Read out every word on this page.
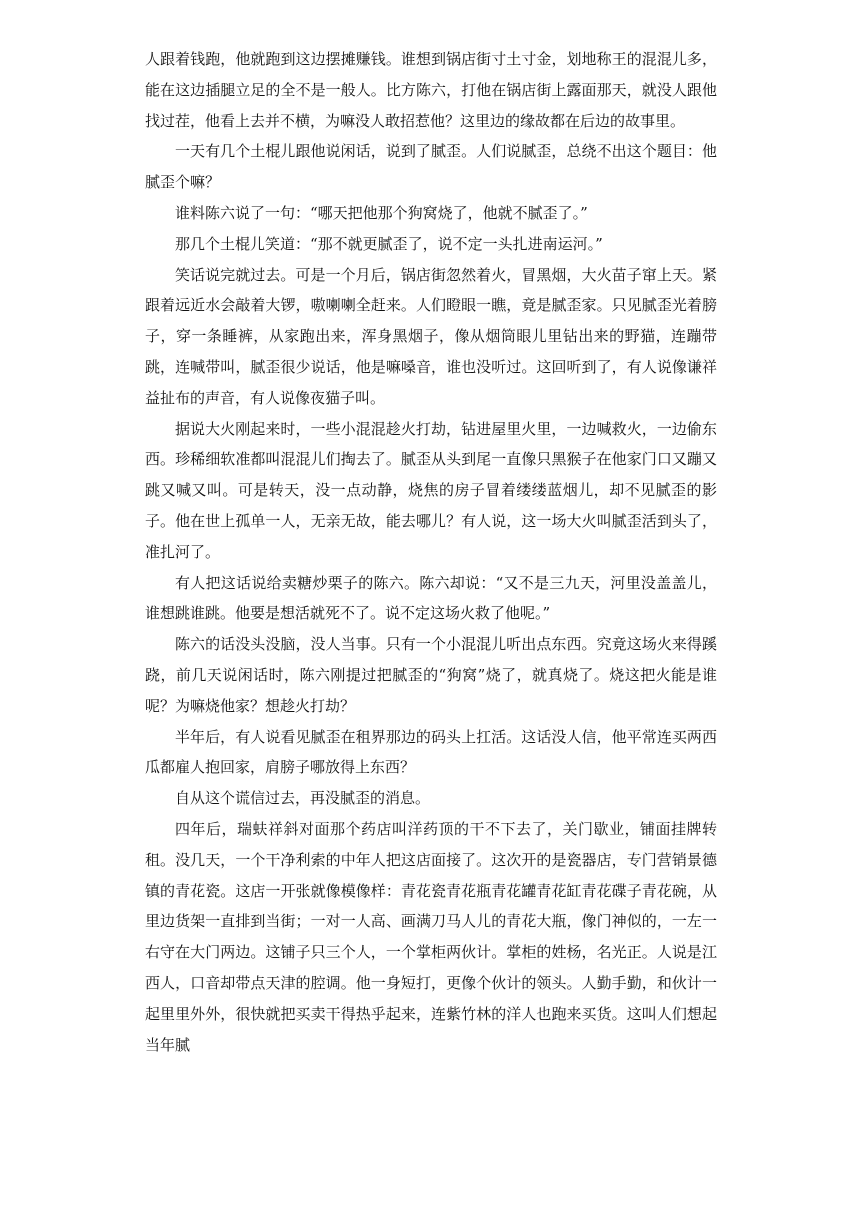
人跟着钱跑，他就跑到这边摆摊赚钱。谁想到锅店街寸土寸金，划地称王的混混儿多，能在这边插腿立足的全不是一般人。比方陈六，打他在锅店街上露面那天，就没人跟他找过茬，他看上去并不横，为嘛没人敢招惹他？这里边的缘故都在后边的故事里。

一天有几个土棍儿跟他说闲话，说到了腻歪。人们说腻歪，总绕不出这个题目：他腻歪个嘛？

谁料陈六说了一句：“哪天把他那个狗窝烧了，他就不腻歪了。”

那几个土棍儿笑道：“那不就更腻歪了，说不定一头扎进南运河。”

笑话说完就过去。可是一个月后，锅店街忽然着火，冒黑烟，大火苗子窜上天。紧跟着远近水会敲着大锣，嗷喇喇全赶来。人们瞪眼一瞧，竟是腻歪家。只见腻歪光着膀子，穿一条睡裤，从家跑出来，浑身黑烟子，像从烟筒眼儿里钻出来的野猫，连蹦带跳，连喊带叫，腻歪很少说话，他是嘛嗓音，谁也没听过。这回听到了，有人说像谦祥益扯布的声音，有人说像夜猫子叫。

据说大火刚起来时，一些小混混趁火打劫，钻进屋里火里，一边喊救火，一边偷东西。珍稀细软准都叫混混儿们掏去了。腻歪从头到尾一直像只黑猴子在他家门口又蹦又跳又喊又叫。可是转天，没一点动静，烧焦的房子冒着缕缕蓝烟儿，却不见腻歪的影子。他在世上孤单一人，无亲无故，能去哪儿？有人说，这一场大火叫腻歪活到头了，准扎河了。

有人把这话说给卖糖炒栗子的陈六。陈六却说：“又不是三九天，河里没盖盖儿，谁想跳谁跳。他要是想活就死不了。说不定这场火救了他呢。”

陈六的话没头没脑，没人当事。只有一个小混混儿听出点东西。究竟这场火来得蹊跷，前几天说闲话时，陈六刚提过把腻歪的“狗窝”烧了，就真烧了。烧这把火能是谁呢？为嘛烧他家？想趁火打劫？

半年后，有人说看见腻歪在租界那边的码头上扛活。这话没人信，他平常连买两西瓜都雇人抱回家，肩膀子哪放得上东西？

自从这个谎信过去，再没腻歪的消息。

四年后，瑞蚨祥斜对面那个药店叫洋药顶的干不下去了，关门歇业，铺面挂牌转租。没几天，一个干净利索的中年人把这店面接了。这次开的是瓷器店，专门营销景德镇的青花瓷。这店一开张就像模像样：青花瓷青花瓶青花罐青花缸青花碟子青花碗，从里边货架一直排到当街；一对一人高、画满刀马人儿的青花大瓶，像门神似的，一左一右守在大门两边。这铺子只三个人，一个掌柜两伙计。掌柜的姓杨，名光正。人说是江西人，口音却带点天津的腔调。他一身短打，更像个伙计的领头。人勤手勤，和伙计一起里里外外，很快就把买卖干得热乎起来，连紫竹林的洋人也跑来买货。这叫人们想起当年腻
